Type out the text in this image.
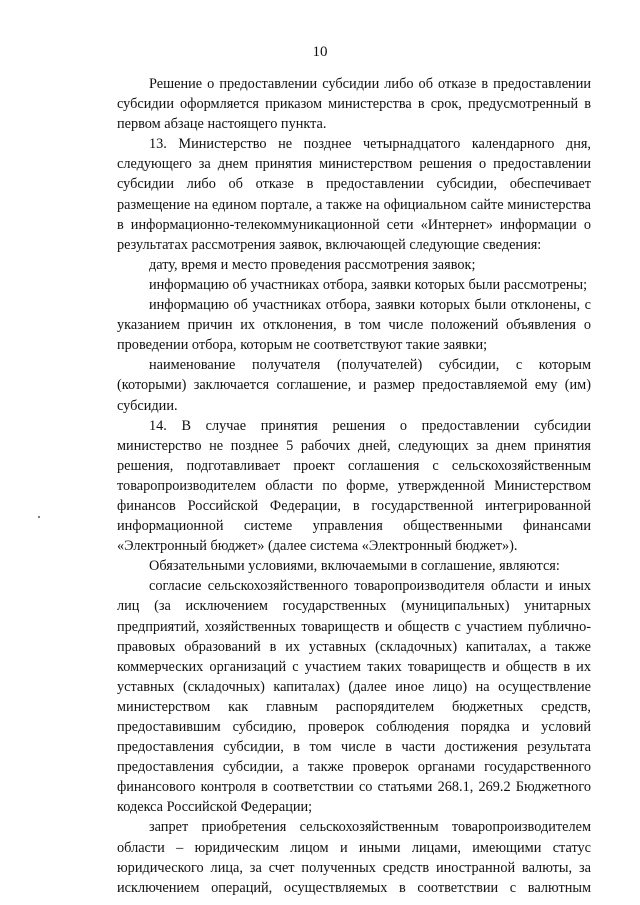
10

Решение о предоставлении субсидии либо об отказе в предоставлении субсидии оформляется приказом министерства в срок, предусмотренный в первом абзаце настоящего пункта.

13. Министерство не позднее четырнадцатого календарного дня, следующего за днем принятия министерством решения о предоставлении субсидии либо об отказе в предоставлении субсидии, обеспечивает размещение на едином портале, а также на официальном сайте министерства в информационно-телекоммуникационной сети «Интернет» информации о результатах рассмотрения заявок, включающей следующие сведения:

дату, время и место проведения рассмотрения заявок;

информацию об участниках отбора, заявки которых были рассмотрены;

информацию об участниках отбора, заявки которых были отклонены, с указанием причин их отклонения, в том числе положений объявления о проведении отбора, которым не соответствуют такие заявки;

наименование получателя (получателей) субсидии, с которым (которыми) заключается соглашение, и размер предоставляемой ему (им) субсидии.

14. В случае принятия решения о предоставлении субсидии министерство не позднее 5 рабочих дней, следующих за днем принятия решения, подготавливает проект соглашения с сельскохозяйственным товаропроизводителем области по форме, утвержденной Министерством финансов Российской Федерации, в государственной интегрированной информационной системе управления общественными финансами «Электронный бюджет» (далее система «Электронный бюджет»).

Обязательными условиями, включаемыми в соглашение, являются:

согласие сельскохозяйственного товаропроизводителя области и иных лиц (за исключением государственных (муниципальных) унитарных предприятий, хозяйственных товариществ и обществ с участием публично-правовых образований в их уставных (складочных) капиталах, а также коммерческих организаций с участием таких товариществ и обществ в их уставных (складочных) капиталах) (далее иное лицо) на осуществление министерством как главным распорядителем бюджетных средств, предоставившим субсидию, проверок соблюдения порядка и условий предоставления субсидии, в том числе в части достижения результата предоставления субсидии, а также проверок органами государственного финансового контроля в соответствии со статьями 268.1, 269.2 Бюджетного кодекса Российской Федерации;

запрет приобретения сельскохозяйственным товаропроизводителем области – юридическим лицом и иными лицами, имеющими статус юридического лица, за счет полученных средств иностранной валюты, за исключением операций, осуществляемых в соответствии с валютным
